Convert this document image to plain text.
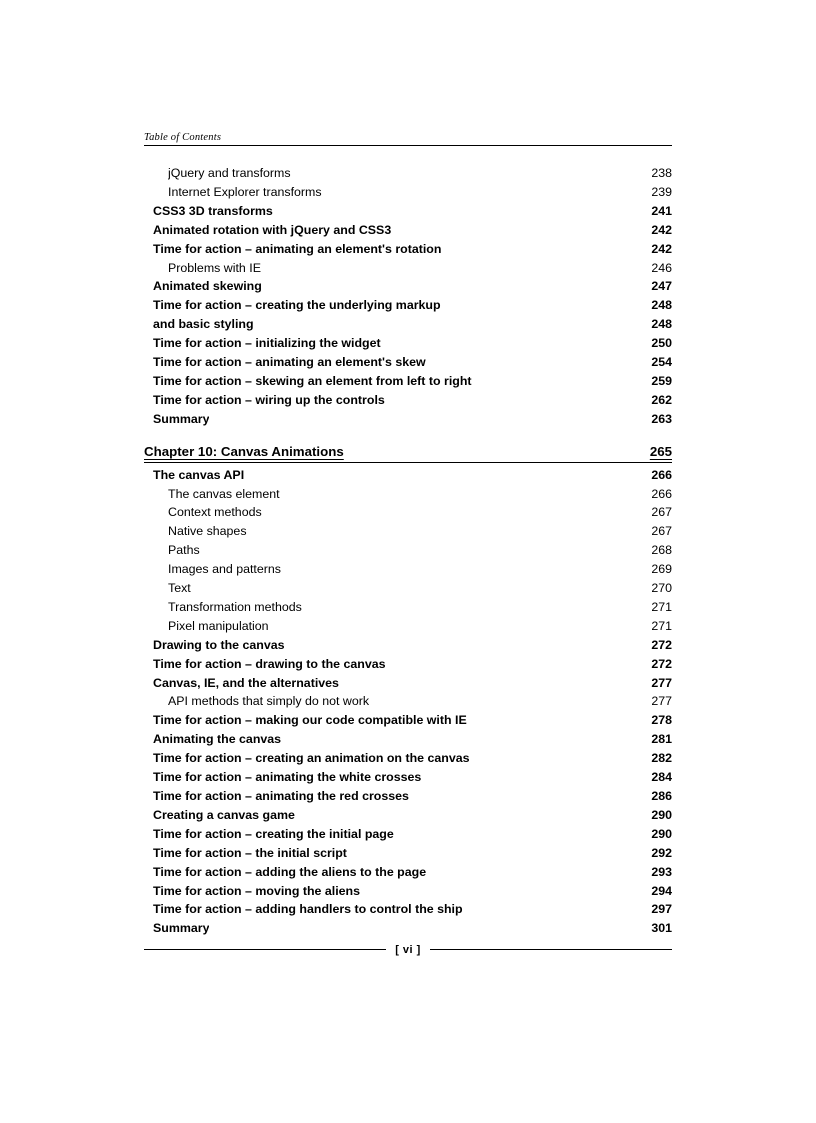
Table of Contents
jQuery and transforms	238
Internet Explorer transforms	239
CSS3 3D transforms	241
Animated rotation with jQuery and CSS3	242
Time for action – animating an element's rotation	242
Problems with IE	246
Animated skewing	247
Time for action – creating the underlying markup	248
and basic styling	248
Time for action – initializing the widget	250
Time for action – animating an element's skew	254
Time for action – skewing an element from left to right	259
Time for action – wiring up the controls	262
Summary	263
Chapter 10: Canvas Animations	265
The canvas API	266
The canvas element	266
Context methods	267
Native shapes	267
Paths	268
Images and patterns	269
Text	270
Transformation methods	271
Pixel manipulation	271
Drawing to the canvas	272
Time for action – drawing to the canvas	272
Canvas, IE, and the alternatives	277
API methods that simply do not work	277
Time for action – making our code compatible with IE	278
Animating the canvas	281
Time for action – creating an animation on the canvas	282
Time for action – animating the white crosses	284
Time for action – animating the red crosses	286
Creating a canvas game	290
Time for action – creating the initial page	290
Time for action – the initial script	292
Time for action – adding the aliens to the page	293
Time for action – moving the aliens	294
Time for action – adding handlers to control the ship	297
Summary	301
[ vi ]
